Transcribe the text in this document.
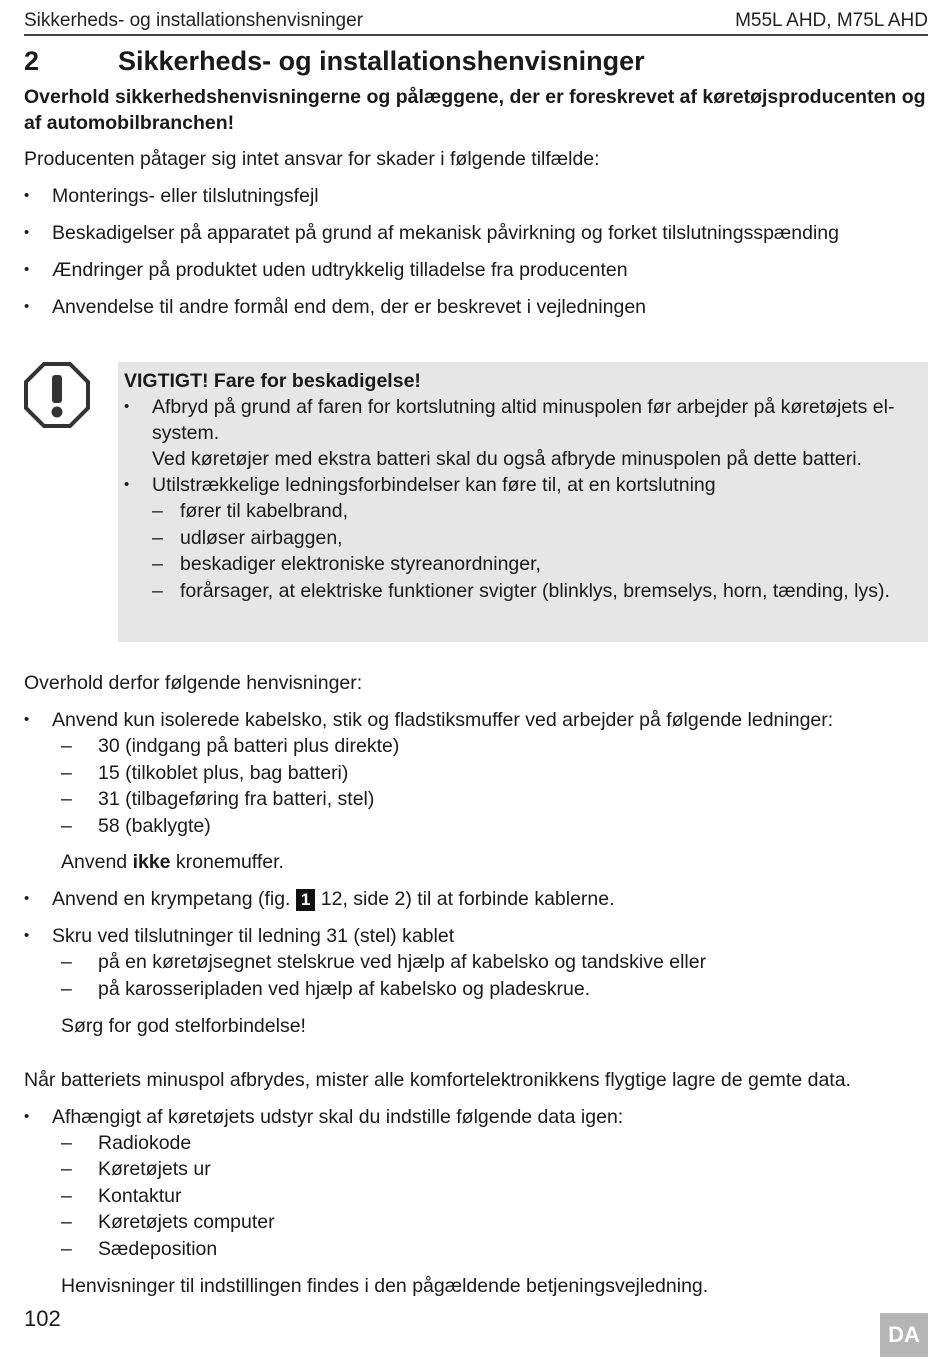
Sikkerheds- og installationshenvisninger	M55L AHD, M75L AHD
2	Sikkerheds- og installationshenvisninger
Overhold sikkerhedshenvisningerne og pålæggene, der er foreskrevet af køretøjsproducenten og af automobilbranchen!

Producenten påtager sig intet ansvar for skader i følgende tilfælde:

• Monterings- eller tilslutningsfejl
• Beskadigelser på apparatet på grund af mekanisk påvirkning og forket tilslutningsspænding
• Ændringer på produktet uden udtrykkelig tilladelse fra producenten
• Anvendelse til andre formål end dem, der er beskrevet i vejledningen
VIGTIGT! Fare for beskadigelse!
• Afbryd på grund af faren for kortslutning altid minuspolen før arbejder på køretøjets el-system.
Ved køretøjer med ekstra batteri skal du også afbryde minuspolen på dette batteri.
• Utilstrækkelige ledningsforbindelser kan føre til, at en kortslutning
– fører til kabelbrand,
– udløser airbaggen,
– beskadiger elektroniske styreanordninger,
– forårsager, at elektriske funktioner svigter (blinklys, bremselys, horn, tænding, lys).

Overhold derfor følgende henvisninger:

• Anvend kun isolerede kabelsko, stik og fladstiksmuffer ved arbejder på følgende ledninger:
– 30 (indgang på batteri plus direkte)
– 15 (tilkoblet plus, bag batteri)
– 31 (tilbageføring fra batteri, stel)
– 58 (baklygte)

Anvend ikke kronemuffer.

• Anvend en krympetang (fig. 1 12, side 2) til at forbinde kablerne.
• Skru ved tilslutninger til ledning 31 (stel) kablet
– på en køretøjsegnet stelskrue ved hjælp af kabelsko og tandskive eller
– på karosseripladen ved hjælp af kabelsko og pladeskrue.

Sørg for god stelforbindelse!

Når batteriets minuspol afbrydes, mister alle komfortelektronikkens flygtige lagre de gemte data.

• Afhængigt af køretøjets udstyr skal du indstille følgende data igen:
– Radiokode
– Køretøjets ur
– Kontaktur
– Køretøjets computer
– Sædeposition

Henvisninger til indstillingen findes i den pågældende betjeningsvejledning.

102
DA
